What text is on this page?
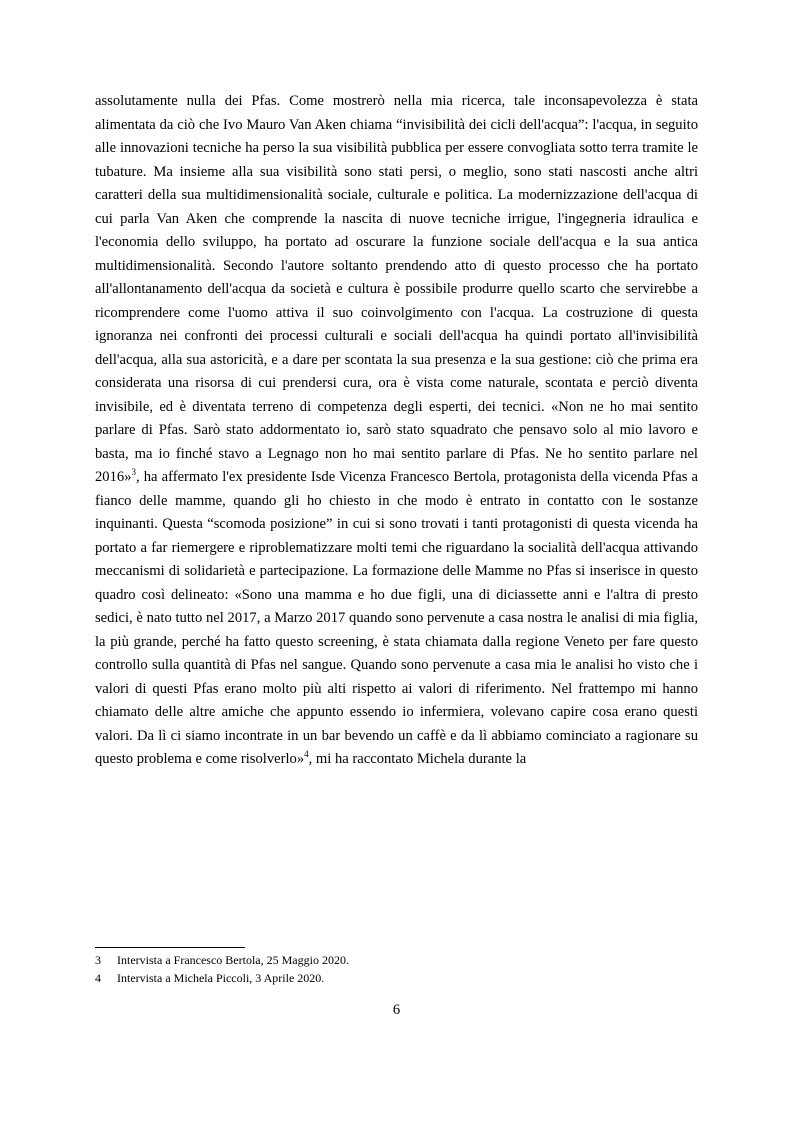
assolutamente nulla dei Pfas. Come mostrerò nella mia ricerca, tale inconsapevolezza è stata alimentata da ciò che Ivo Mauro Van Aken chiama “invisibilità dei cicli dell'acqua”: l'acqua, in seguito alle innovazioni tecniche ha perso la sua visibilità pubblica per essere convogliata sotto terra tramite le tubature. Ma insieme alla sua visibilità sono stati persi, o meglio, sono stati nascosti anche altri caratteri della sua multidimensionalità sociale, culturale e politica. La modernizzazione dell'acqua di cui parla Van Aken che comprende la nascita di nuove tecniche irrigue, l'ingegneria idraulica e l'economia dello sviluppo, ha portato ad oscurare la funzione sociale dell'acqua e la sua antica multidimensionalità. Secondo l'autore soltanto prendendo atto di questo processo che ha portato all'allontanamento dell'acqua da società e cultura è possibile produrre quello scarto che servirebbe a ricomprendere come l'uomo attiva il suo coinvolgimento con l'acqua. La costruzione di questa ignoranza nei confronti dei processi culturali e sociali dell'acqua ha quindi portato all'invisibilità dell'acqua, alla sua astoricità, e a dare per scontata la sua presenza e la sua gestione: ciò che prima era considerata una risorsa di cui prendersi cura, ora è vista come naturale, scontata e perciò diventa invisibile, ed è diventata terreno di competenza degli esperti, dei tecnici. «Non ne ho mai sentito parlare di Pfas. Sarò stato addormentato io, sarò stato squadrato che pensavo solo al mio lavoro e basta, ma io finché stavo a Legnago non ho mai sentito parlare di Pfas. Ne ho sentito parlare nel 2016»$^3$, ha affermato l'ex presidente Isde Vicenza Francesco Bertola, protagonista della vicenda Pfas a fianco delle mamme, quando gli ho chiesto in che modo è entrato in contatto con le sostanze inquinanti. Questa “scomoda posizione” in cui si sono trovati i tanti protagonisti di questa vicenda ha portato a far riemergere e riproblematizzare molti temi che riguardano la socialità dell'acqua attivando meccanismi di solidarietà e partecipazione. La formazione delle Mamme no Pfas si inserisce in questo quadro così delineato: «Sono una mamma e ho due figli, una di diciassette anni e l'altra di presto sedici, è nato tutto nel 2017, a Marzo 2017 quando sono pervenute a casa nostra le analisi di mia figlia, la più grande, perché ha fatto questo screening, è stata chiamata dalla regione Veneto per fare questo controllo sulla quantità di Pfas nel sangue. Quando sono pervenute a casa mia le analisi ho visto che i valori di questi Pfas erano molto più alti rispetto ai valori di riferimento. Nel frattempo mi hanno chiamato delle altre amiche che appunto essendo io infermiera, volevano capire cosa erano questi valori. Da lì ci siamo incontrate in un bar bevendo un caffè e da lì abbiamo cominciato a ragionare su questo problema e come risolverlo»$^4$, mi ha raccontato Michela durante la

3	Intervista a Francesco Bertola, 25 Maggio 2020.
4	Intervista a Michela Piccoli, 3 Aprile 2020.
6
